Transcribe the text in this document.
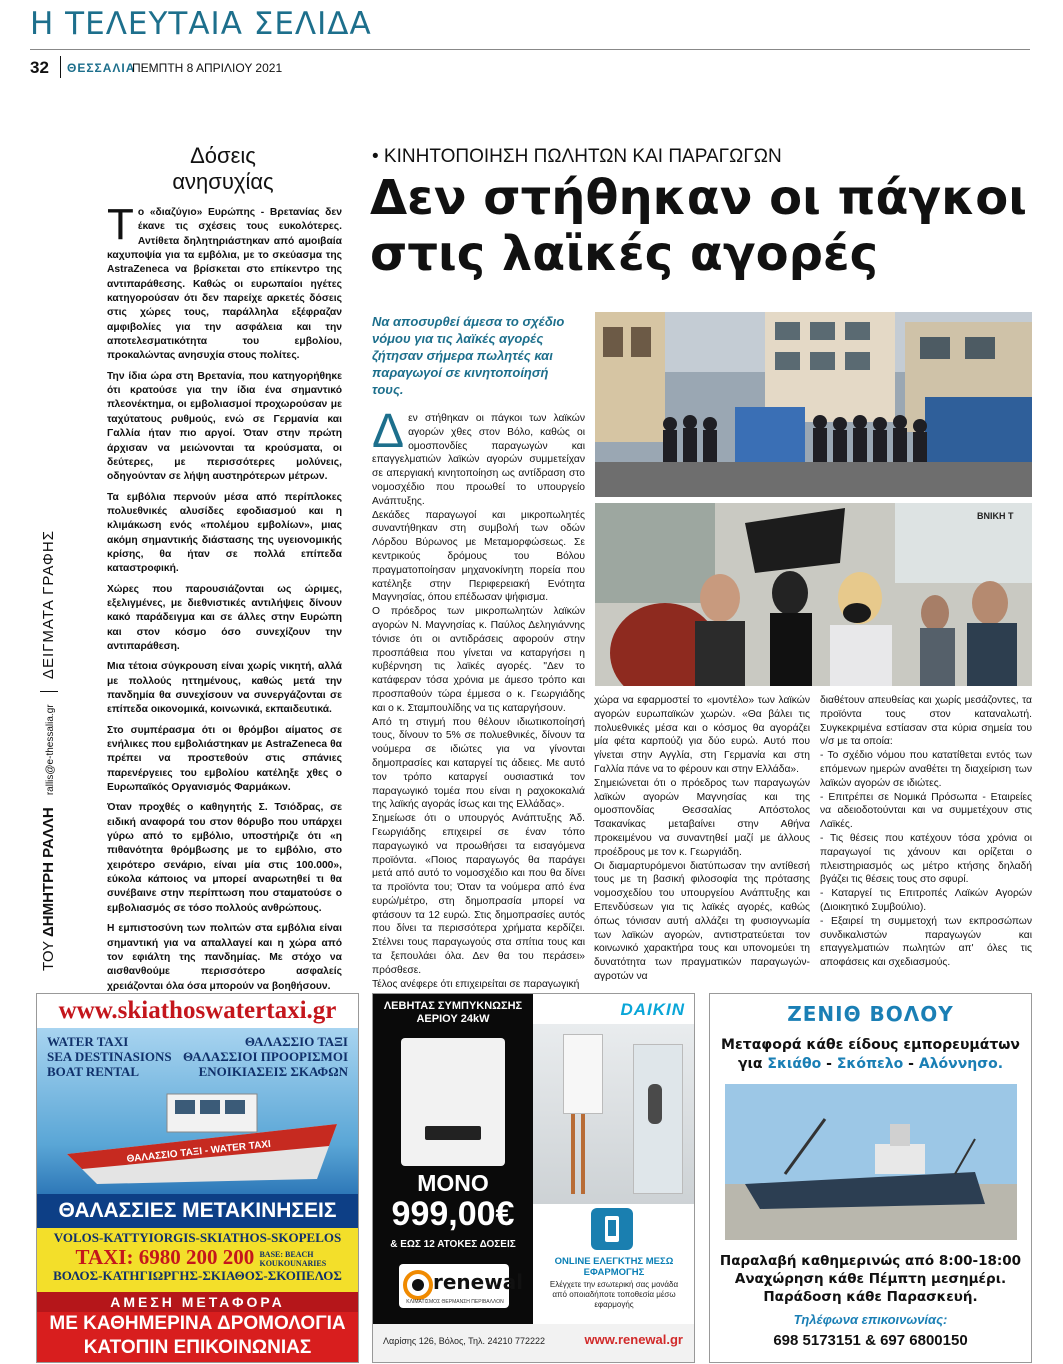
Η ΤΕΛΕΥΤΑΙΑ ΣΕΛΙΔΑ
32 ΘΕΣΣΑΛΙΑ
ΠΕΜΠΤΗ 8 ΑΠΡΙΛΙΟΥ 2021
ΤΟΥ ΔΗΜΗΤΡΗ ΡΑΛΛΗ rallis@e-thessalia.gr  ΔΕΙΓΜΑΤΑ ΓΡΑΦΗΣ
Δόσεις
ανησυχίας

Το «διαζύγιο» Ευρώπης - Βρετανίας δεν έκανε τις σχέσεις τους ευκολότερες. Αντίθετα δηλητηριάστηκαν από αμοιβαία καχυποψία για τα εμβόλια, με το σκεύασμα της AstraZeneca να βρίσκεται στο επίκεντρο της αντιπαράθεσης. Καθώς οι ευρωπαίοι ηγέτες κατηγορούσαν ότι δεν παρείχε αρκετές δόσεις στις χώρες τους, παράλληλα εξέφραζαν αμφιβολίες για την ασφάλεια και την αποτελεσματικότητα του εμβολίου, προκαλώντας ανησυχία στους πολίτες.

Την ίδια ώρα στη Βρετανία, που κατηγορήθηκε ότι κρατούσε για την ίδια ένα σημαντικό πλεονέκτημα, οι εμβολιασμοί προχωρούσαν με ταχύτατους ρυθμούς, ενώ σε Γερμανία και Γαλλία ήταν πιο αργοί. Όταν στην πρώτη άρχισαν να μειώνονται τα κρούσματα, οι δεύτερες, με περισσότερες μολύνεις, οδηγούνταν σε λήψη αυστηρότερων μέτρων.

Τα εμβόλια περνούν μέσα από περίπλοκες πολυεθνικές αλυσίδες εφοδιασμού και η κλιμάκωση ενός «πολέμου εμβολίων», μιας ακόμη σημαντικής διάστασης της υγειονομικής κρίσης, θα ήταν σε πολλά επίπεδα καταστροφική.

Χώρες που παρουσιάζονται ως ώριμες, εξελιγμένες, με διεθνιστικές αντιλήψεις δίνουν κακό παράδειγμα και σε άλλες στην Ευρώπη και στον κόσμο όσο συνεχίζουν την αντιπαράθεση.

Μια τέτοια σύγκρουση είναι χωρίς νικητή, αλλά με πολλούς ηττημένους, καθώς μετά την πανδημία θα συνεχίσουν να συνεργάζονται σε επίπεδα οικονομικά, κοινωνικά, εκπαιδευτικά.

Στο συμπέρασμα ότι οι θρόμβοι αίματος σε ενήλικες που εμβολιάστηκαν με AstraZeneca θα πρέπει να προστεθούν στις σπάνιες παρενέργειες του εμβολίου κατέληξε χθες ο Ευρωπαϊκός Οργανισμός Φαρμάκων.

Όταν προχθές ο καθηγητής Σ. Τσιόδρας, σε ειδική αναφορά του στον θόρυβο που υπάρχει γύρω από το εμβόλιο, υποστήριζε ότι «η πιθανότητα θρόμβωσης με το εμβόλιο, στο χειρότερο σενάριο, είναι μία στις 100.000», εύκολα κάποιος να μπορεί αναρωτηθεί τι θα συνέβαινε στην περίπτωση που σταματούσε ο εμβολιασμός σε τόσο πολλούς ανθρώπους.

Η εμπιστοσύνη των πολιτών στα εμβόλια είναι σημαντική για να απαλλαγεί και η χώρα από τον εφιάλτη της πανδημίας. Με στόχο να αισθανθούμε περισσότερο ασφαλείς χρειάζονται όλα όσα μπορούν να βοηθήσουν.

• ΚΙΝΗΤΟΠΟΙΗΣΗ ΠΩΛΗΤΩΝ ΚΑΙ ΠΑΡΑΓΩΓΩΝ
Δεν στήθηκαν οι πάγκοι
στις λαϊκές αγορές
Να αποσυρθεί άμεσα το σχέδιο νόμου για τις λαϊκές αγορές ζήτησαν σήμερα πωλητές και παραγωγοί σε κινητοποίησή τους.
ΒΝΙΚΗ Τ
Δ εν στήθηκαν οι πάγκοι των λαϊκών αγορών χθες στον Βόλο, καθώς οι ομοσπονδίες παραγωγών και επαγγελματιών λαϊκών αγορών συμμετείχαν σε απεργιακή κινητοποίηση ως αντίδραση στο νομοσχέδιο που προωθεί το υπουργείο Ανάπτυξης.

Δεκάδες παραγωγοί και μικροπωλητές συναντήθηκαν στη συμβολή των οδών Λόρδου Βύρωνος με Μεταμορφώσεως. Σε κεντρικούς δρόμους του Βόλου πραγματοποίησαν μηχανοκίνητη πορεία που κατέληξε στην Περιφερειακή Ενότητα Μαγνησίας, όπου επέδωσαν ψήφισμα.

Ο πρόεδρος των μικροπωλητών λαϊκών αγορών Ν. Μαγνησίας κ. Παύλος Δεληγιάννης τόνισε ότι οι αντιδράσεις αφορούν στην προσπάθεια που γίνεται να καταργήσει η κυβέρνηση τις λαϊκές αγορές. "Δεν το κατάφεραν τόσα χρόνια με άμεσο τρόπο και προσπαθούν τώρα έμμεσα ο κ. Γεωργιάδης και ο κ. Σταμπουλίδης να τις καταργήσουν.

Από τη στιγμή που θέλουν ιδιωτικοποίησή τους, δίνουν το 5% σε πολυεθνικές, δίνουν τα νούμερα σε ιδιώτες για να γίνονται δημοπρασίες και καταργεί τις άδειες. Με αυτό τον τρόπο καταργεί ουσιαστικά τον παραγωγικό τομέα που είναι η ραχοκοκαλιά της λαϊκής αγοράς ίσως και της Ελλάδας».

Σημείωσε ότι ο υπουργός Ανάπτυξης Άδ. Γεωργιάδης επιχειρεί σε έναν τόπο παραγωγικό να προωθήσει τα εισαγόμενα προϊόντα. «Ποιος παραγωγός θα παράγει μετά από αυτό το νομοσχέδιο και που θα δίνει τα προϊόντα του; Όταν τα νούμερα από ένα ευρώ/μέτρο, στη δημοπρασία μπορεί να φτάσουν τα 12 ευρώ. Στις δημοπρασίες αυτός που δίνει τα περισσότερα χρήματα κερδίζει. Στέλνει τους παραγωγούς στα σπίτια τους και τα ξεπουλάει όλα. Δεν θα του περάσει» πρόσθεσε.

Τέλος ανέφερε ότι επιχειρείται σε παραγωγική

χώρα να εφαρμοστεί το «μοντέλο» των λαϊκών αγορών ευρωπαϊκών χωρών. «Θα βάλει τις πολυεθνικές μέσα και ο κόσμος θα αγοράζει μία φέτα καρπούζι για δύο ευρώ. Αυτό που γίνεται στην Αγγλία, στη Γερμανία και στη Γαλλία πάνε να το φέρουν και στην Ελλάδα».

Σημειώνεται ότι ο πρόεδρος των παραγωγών λαϊκών αγορών Μαγνησίας και της ομοσπονδίας Θεσσαλίας Απόστολος Τσακανίκας μεταβαίνει στην Αθήνα προκειμένου να συναντηθεί μαζί με άλλους προέδρους με τον κ. Γεωργιάδη.

Οι διαμαρτυρόμενοι διατύπωσαν την αντίθεσή τους με τη βασική φιλοσοφία της πρότασης νομοσχεδίου του υπουργείου Ανάπτυξης και Επενδύσεων για τις λαϊκές αγορές, καθώς όπως τόνισαν αυτή αλλάζει τη φυσιογνωμία των λαϊκών αγορών, αντιστρατεύεται τον κοινωνικό χαρακτήρα τους και υπονομεύει τη δυνατότητα των πραγματικών παραγωγών-αγροτών να

διαθέτουν απευθείας και χωρίς μεσάζοντες, τα προϊόντα τους στον καταναλωτή. Συγκεκριμένα εστίασαν στα κύρια σημεία του ν/σ με τα οποία:

- Το σχέδιο νόμου που κατατίθεται εντός των επόμενων ημερών αναθέτει τη διαχείριση των λαϊκών αγορών σε ιδιώτες.

- Επιτρέπει σε Νομικά Πρόσωπα - Εταιρείες να αδειοδοτούνται και να συμμετέχουν στις Λαϊκές.

- Τις θέσεις που κατέχουν τόσα χρόνια οι παραγωγοί τις χάνουν και ορίζεται ο πλειστηριασμός ως μέτρο κτήσης δηλαδή βγάζει τις θέσεις τους στο σφυρί.

- Καταργεί τις Επιτροπές Λαϊκών Αγορών (Διοικητικό Συμβούλιο).

- Εξαιρεί τη συμμετοχή των εκπροσώπων συνδικαλιστών παραγωγών και επαγγελματιών πωλητών απ' όλες τις αποφάσεις και σχεδιασμούς.

www.skiathoswatertaxi.gr
WATER TAXI
SEA DESTINASIONS
BOAT RENTAL
ΘΑΛΑΣΣΙΟ ΤΑΞΙ
ΘΑΛΑΣΣΙΟΙ ΠΡΟΟΡΙΣΜΟΙ
ΕΝΟΙΚΙΑΣΕΙΣ ΣΚΑΦΩΝ
ΘΑΛΑΣΣΙΟ ΤΑΞΙ - WATER TAXI
ΘΑΛΑΣΣΙΕΣ ΜΕΤΑΚΙΝΗΣΕΙΣ
VOLOS-KATTYIORGIS-SKIATHOS-SKOPELOS
TAXI: 6980 200 200 BASE: BEACH KOUKOUNARIES
ΒΟΛΟΣ-ΚΑΤΗΓΙΩΡΓΗΣ-ΣΚΙΑΘΟΣ-ΣΚΟΠΕΛΟΣ
ΑΜΕΣΗ ΜΕΤΑΦΟΡΑ
ΜΕ ΚΑΘΗΜΕΡΙΝΑ ΔΡΟΜΟΛΟΓΙΑ
ΚΑΤΟΠΙΝ ΕΠΙΚΟΙΝΩΝΙΑΣ
ΛΕΒΗΤΑΣ ΣΥΜΠΥΚΝΩΣΗΣ
ΑΕΡΙΟΥ 24kW	DAIKIN
ΜΟΝΟ
999,00€
& ΕΩΣ 12 ΑΤΟΚΕΣ ΔΟΣΕΙΣ
renewal
ΚΛΙΜΑΤΙΣΜΟΣ ΘΕΡΜΑΝΣΗ ΠΕΡΙΒΑΛΛΟΝ
ONLINE ΕΛΕΓΚΤΗΣ ΜΕΣΩ
ΕΦΑΡΜΟΓΗΣ
Ελέγχετε την εσωτερική σας μονάδα από οποιαδήποτε τοποθεσία μέσω εφαρμογής
Λαρίσης 126, Βόλος, Τηλ. 24210 772222	www.renewal.gr
ΖΕΝΙΘ ΒΟΛΟΥ
Μεταφορά κάθε είδους εμπορευμάτων
για Σκιάθο - Σκόπελο - Αλόννησο.
Παραλαβή καθημερινώς από 8:00-18:00
Αναχώρηση κάθε Πέμπτη μεσημέρι.
Παράδοση κάθε Παρασκευή.
Τηλέφωνα επικοινωνίας:
698 5173151 & 697 6800150
